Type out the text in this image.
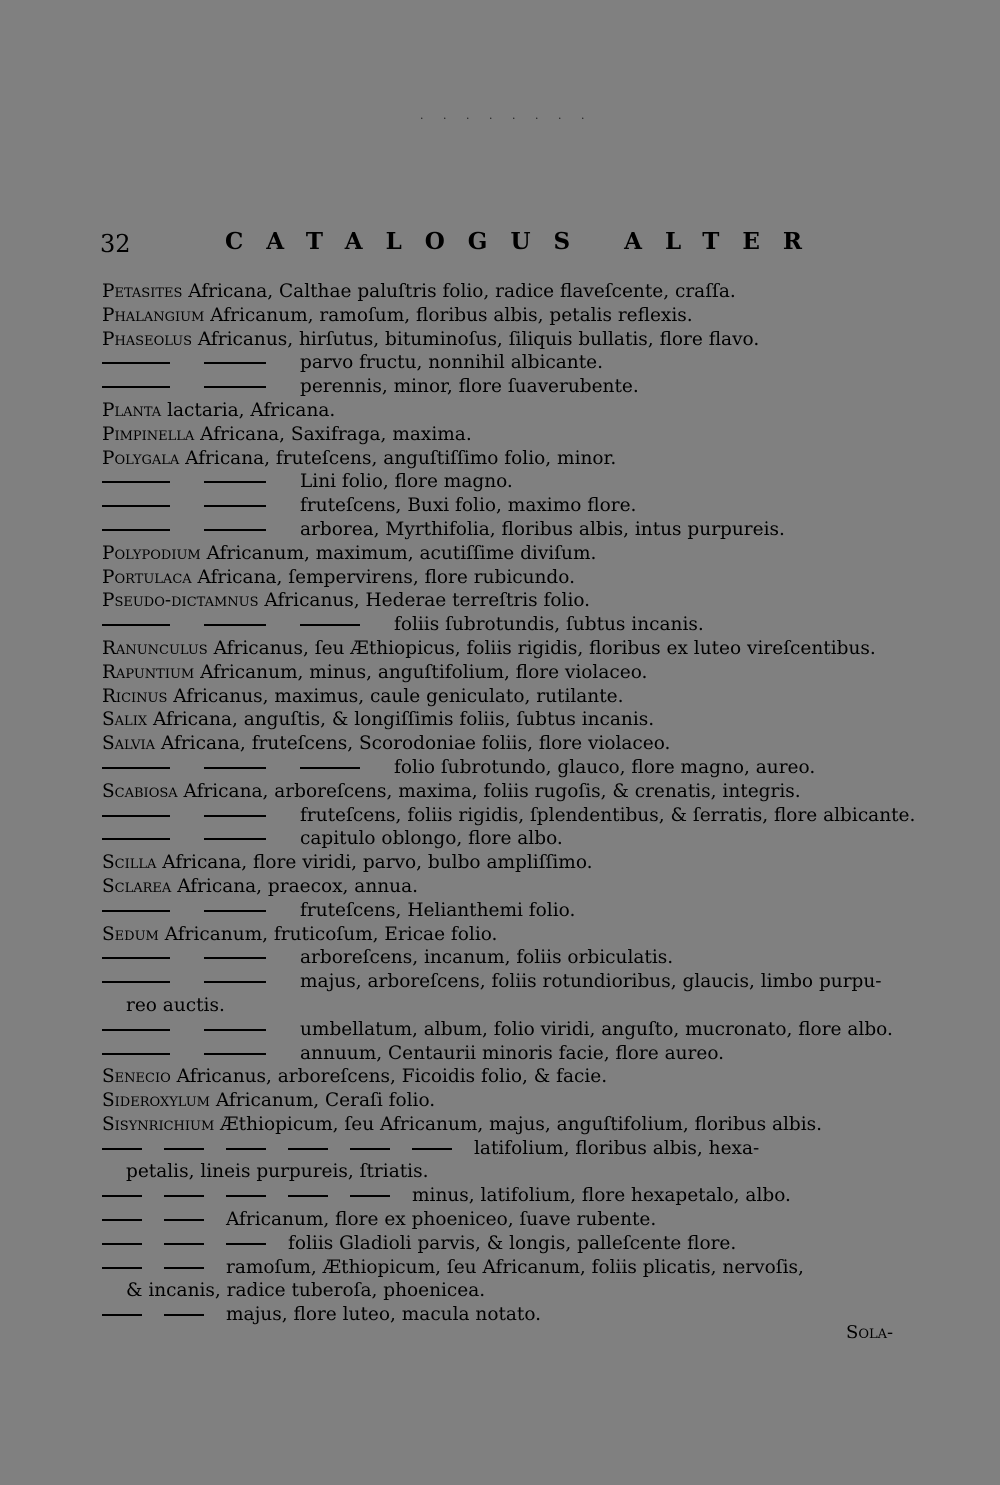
· · · · · · · ·
32	CATALOGUS ALTER
Petasites Africana, Calthae paluſtris folio, radice flaveſcente, craſſa.
Phalangium Africanum, ramoſum, floribus albis, petalis reflexis.
Phaseolus Africanus, hirſutus, bituminoſus, ſiliquis bullatis, flore flavo.
parvo fructu, nonnihil albicante.
perennis, minor, flore ſuaverubente.
Planta lactaria, Africana.
Pimpinella Africana, Saxifraga, maxima.
Polygala Africana, fruteſcens, anguſtiſſimo folio, minor.
Lini folio, flore magno.
fruteſcens, Buxi folio, maximo flore.
arborea, Myrthifolia, floribus albis, intus purpureis.
Polypodium Africanum, maximum, acutiſſime diviſum.
Portulaca Africana, ſempervirens, flore rubicundo.
Pseudo-dictamnus Africanus, Hederae terreſtris folio.
foliis ſubrotundis, ſubtus incanis.
Ranunculus Africanus, ſeu Æthiopicus, foliis rigidis, floribus ex luteo vireſcentibus.
Rapuntium Africanum, minus, anguſtifolium, flore violaceo.
Ricinus Africanus, maximus, caule geniculato, rutilante.
Salix Africana, anguſtis, & longiſſimis foliis, ſubtus incanis.
Salvia Africana, fruteſcens, Scorodoniae foliis, flore violaceo.
folio ſubrotundo, glauco, flore magno, aureo.
Scabiosa Africana, arboreſcens, maxima, foliis rugoſis, & crenatis, integris.
fruteſcens, foliis rigidis, ſplendentibus, & ſerratis, flore albicante.
capitulo oblongo, flore albo.
Scilla Africana, flore viridi, parvo, bulbo ampliſſimo.
Sclarea Africana, praecox, annua.
fruteſcens, Helianthemi folio.
Sedum Africanum, fruticoſum, Ericae folio.
arboreſcens, incanum, foliis orbiculatis.
majus, arboreſcens, foliis rotundioribus, glaucis, limbo purpu-
reo auctis.
umbellatum, album, folio viridi, anguſto, mucronato, flore albo.
annuum, Centaurii minoris facie, flore aureo.
Senecio Africanus, arboreſcens, Ficoidis folio, & facie.
Sideroxylum Africanum, Ceraſi folio.
Sisynrichium Æthiopicum, ſeu Africanum, majus, anguſtifolium, floribus albis.
latifolium, floribus albis, hexa-
petalis, lineis purpureis, ſtriatis.
minus, latifolium, flore hexapetalo, albo.
Africanum, flore ex phoeniceo, ſuave rubente.
foliis Gladioli parvis, & longis, palleſcente flore.
ramoſum, Æthiopicum, ſeu Africanum, foliis plicatis, nervoſis,
& incanis, radice tuberoſa, phoenicea.
majus, flore luteo, macula notato.
Sola-
